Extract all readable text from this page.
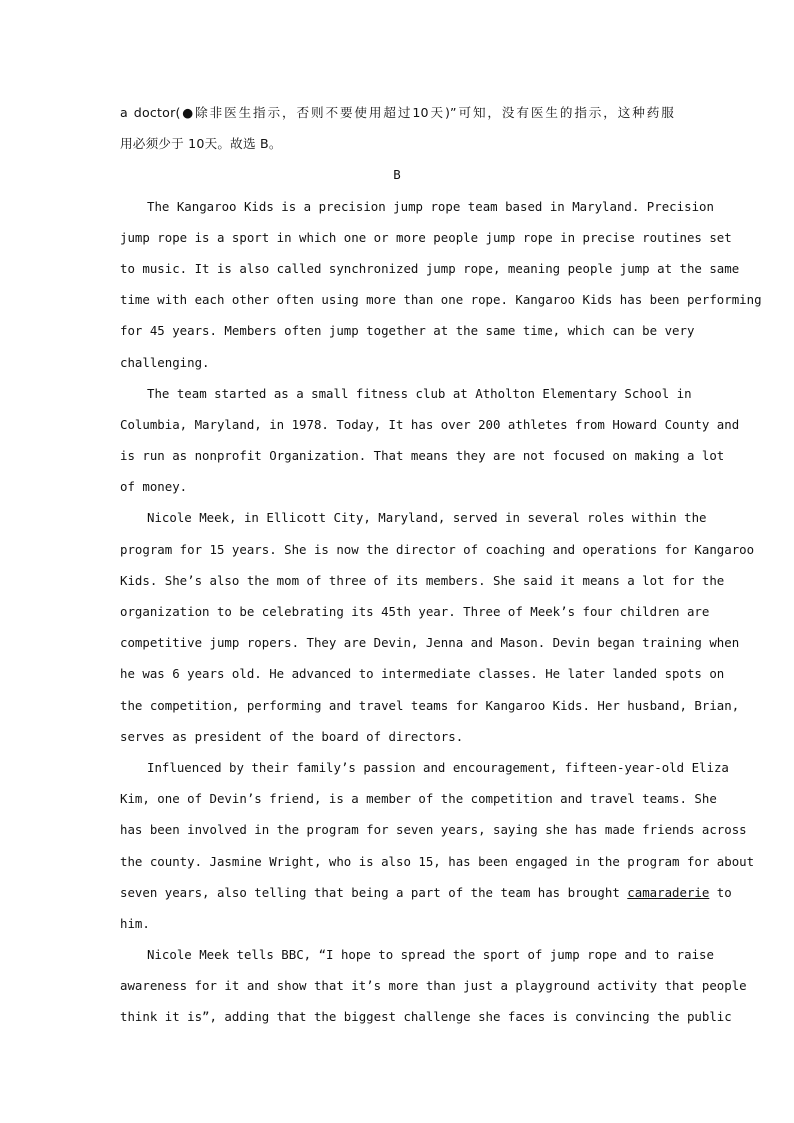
a doctor(●除非医生指示，否则不要使用超过10天)”可知，没有医生的指示，这种药服
用必须少于 10天。故选 B。
B
The Kangaroo Kids is a precision jump rope team based in Maryland. Precision
jump rope is a sport in which one or more people jump rope in precise routines set
to music. It is also called synchronized jump rope, meaning people jump at the same
time with each other often using more than one rope. Kangaroo Kids has been performing
for 45 years. Members often jump together at the same time, which can be very
challenging.
The team started as a small fitness club at Atholton Elementary School in
Columbia, Maryland, in 1978. Today, It has over 200 athletes from Howard County and
is run as nonprofit Organization. That means they are not focused on making a lot
of money.
Nicole Meek, in Ellicott City, Maryland, served in several roles within the
program for 15 years. She is now the director of coaching and operations for Kangaroo
Kids. She’s also the mom of three of its members. She said it means a lot for the
organization to be celebrating its 45th year. Three of Meek’s four children are
competitive jump ropers. They are Devin, Jenna and Mason. Devin began training when
he was 6 years old. He advanced to intermediate classes. He later landed spots on
the competition, performing and travel teams for Kangaroo Kids. Her husband, Brian,
serves as president of the board of directors.
Influenced by their family’s passion and encouragement, fifteen-year-old Eliza
Kim, one of Devin’s friend, is a member of the competition and travel teams. She
has been involved in the program for seven years, saying she has made friends across
the county. Jasmine Wright, who is also 15, has been engaged in the program for about
seven years, also telling that being a part of the team has brought camaraderie to
him.
Nicole Meek tells BBC, “I hope to spread the sport of jump rope and to raise
awareness for it and show that it’s more than just a playground activity that people
think it is”, adding that the biggest challenge she faces is convincing the public
